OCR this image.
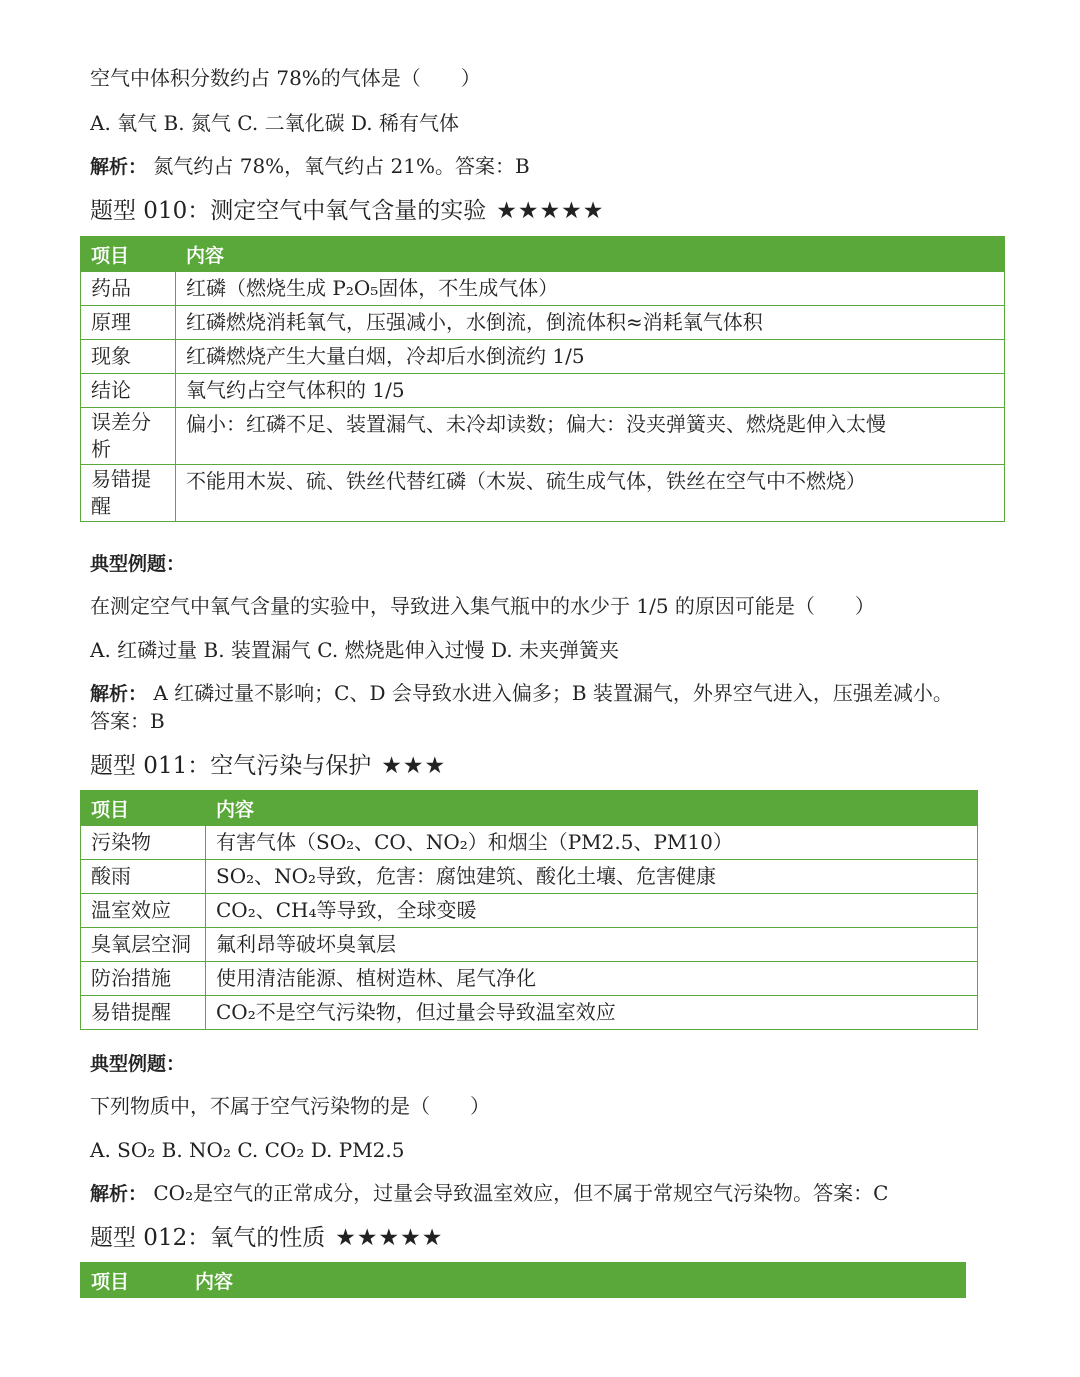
空气中体积分数约占 78%的气体是（　　）
A. 氧气 B. 氮气 C. 二氧化碳 D. 稀有气体
解析： 氮气约占 78%，氧气约占 21%。答案：B
题型 010：测定空气中氧气含量的实验 ★★★★★
项目	内容
药品	红磷（燃烧生成 P₂O₅固体，不生成气体）
原理	红磷燃烧消耗氧气，压强减小，水倒流，倒流体积≈消耗氧气体积
现象	红磷燃烧产生大量白烟，冷却后水倒流约 1/5
结论	氧气约占空气体积的 1/5
误差分析	偏小：红磷不足、装置漏气、未冷却读数；偏大：没夹弹簧夹、燃烧匙伸入太慢
易错提醒	不能用木炭、硫、铁丝代替红磷（木炭、硫生成气体，铁丝在空气中不燃烧）
典型例题：
在测定空气中氧气含量的实验中，导致进入集气瓶中的水少于 1/5 的原因可能是（　　）
A. 红磷过量 B. 装置漏气 C. 燃烧匙伸入过慢 D. 未夹弹簧夹
解析： A 红磷过量不影响；C、D 会导致水进入偏多；B 装置漏气，外界空气进入，压强差减小。
答案：B
题型 011：空气污染与保护 ★★★
项目	内容
污染物	有害气体（SO₂、CO、NO₂）和烟尘（PM2.5、PM10）
酸雨	SO₂、NO₂导致，危害：腐蚀建筑、酸化土壤、危害健康
温室效应	CO₂、CH₄等导致，全球变暖
臭氧层空洞	氟利昂等破坏臭氧层
防治措施	使用清洁能源、植树造林、尾气净化
易错提醒	CO₂不是空气污染物，但过量会导致温室效应
典型例题：
下列物质中，不属于空气污染物的是（　　）
A. SO₂ B. NO₂ C. CO₂ D. PM2.5
解析： CO₂是空气的正常成分，过量会导致温室效应，但不属于常规空气污染物。答案：C
题型 012：氧气的性质 ★★★★★
项目	内容
